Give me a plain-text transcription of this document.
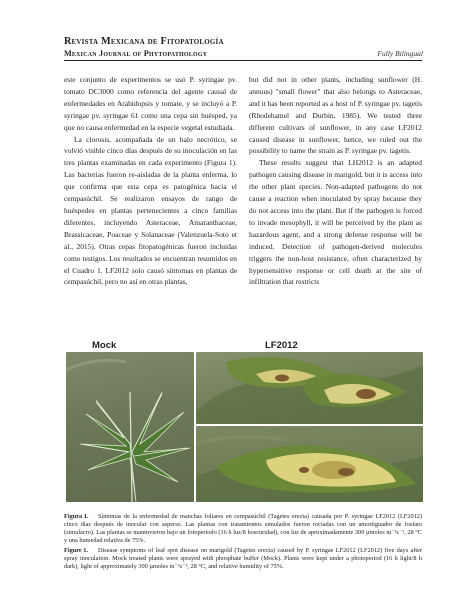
Revista Mexicana de Fitopatología
Mexican Journal of Phytopathology	Fully Bilingual

este conjunto de experimentos se usó P. syringae pv. tomato DC3000 como referencia del agente causal de enfermedades en Arabidopsis y tomate, y se incluyó a P. syringae pv. syringae 61 como una cepa sin huésped, ya que no causa enfermedad en la especie vegetal estudiada.

La clorosis, acompañada de un halo necrótico, se volvió visible cinco días después de su inoculación en las tres plantas examinadas en cada experimento (Figura 1). Las bacterias fueron re-aisladas de la planta enferma, lo que confirma que esta cepa es patogénica hacia el cempasúchil. Se realizaron ensayos de rango de huéspedes en plantas pertenecientes a cinco familias diferentes, incluyendo Asteraceae, Amaranthaceae, Brassicaceae, Poaceae y Solanaceae (Valenzuela-Soto et al., 2015). Otras cepas fitopatogénicas fueron incluidas como testigos. Los resultados se encuentran resumidos en el Cuadro 1. LF2012 solo causó síntomas en plantas de cempasúchil, pero no así en otras plantas,

but did not in other plants, including sunflower (H. annuus) "small flower" that also belongs to Asteraceae, and it has been reported as a host of P. syringae pv. tagetis (Rhodehamel and Durbin, 1985). We tested three different cultivars of sunflower, in any case LF2012 caused disease in sunflower, hence, we ruled out the possibility to name the strain as P. syringae pv. tagetis.

These results suggest that LH2012 is an adapted pathogen causing disease in marigold, but it is access into the other plant species. Non-adapted pathogens do not cause a reaction when inoculated by spray because they do not access into the plant. But if the pathogen is forced to invade mesophyll, it will be perceived by the plant as hazardous agent, and a strong defense response will be induced. Detection of pathogen-derived molecules triggers the non-host resistance, often characterized by hypersensitive response or cell death at the site of infiltration that restricts

Mock	LF2012
Figura 1. Síntomas de la enfermedad de manchas foliares en cempasúchil (Tagetes erecta) causada por P. syringae LF2012 (LF2012) cinco días después de inocular con asperso. Las plantas con tratamientos simulados fueron rociadas con un amortiguador de fosfato (simulacro). Las plantas se mantuvieron bajo un fotoperiodo (16 h luz/8 hoscuridad), con luz de aproximadamente 300 µmoles m⁻²s⁻¹, 28 °C y una humedad relativa de 75%.
Figure 1. Disease symptoms of leaf spot disease on marigold (Tagetes erecta) caused by P. syringae LF2012 (LF2012) five days after spray inoculation. Mock treated plants were sprayed with phosphate buffer (Mock). Plants were kept under a photoperiod (16 h light/8 h dark), light of approximately 300 µmoles m⁻²s⁻¹, 28 °C, and relative humidity of 75%.
